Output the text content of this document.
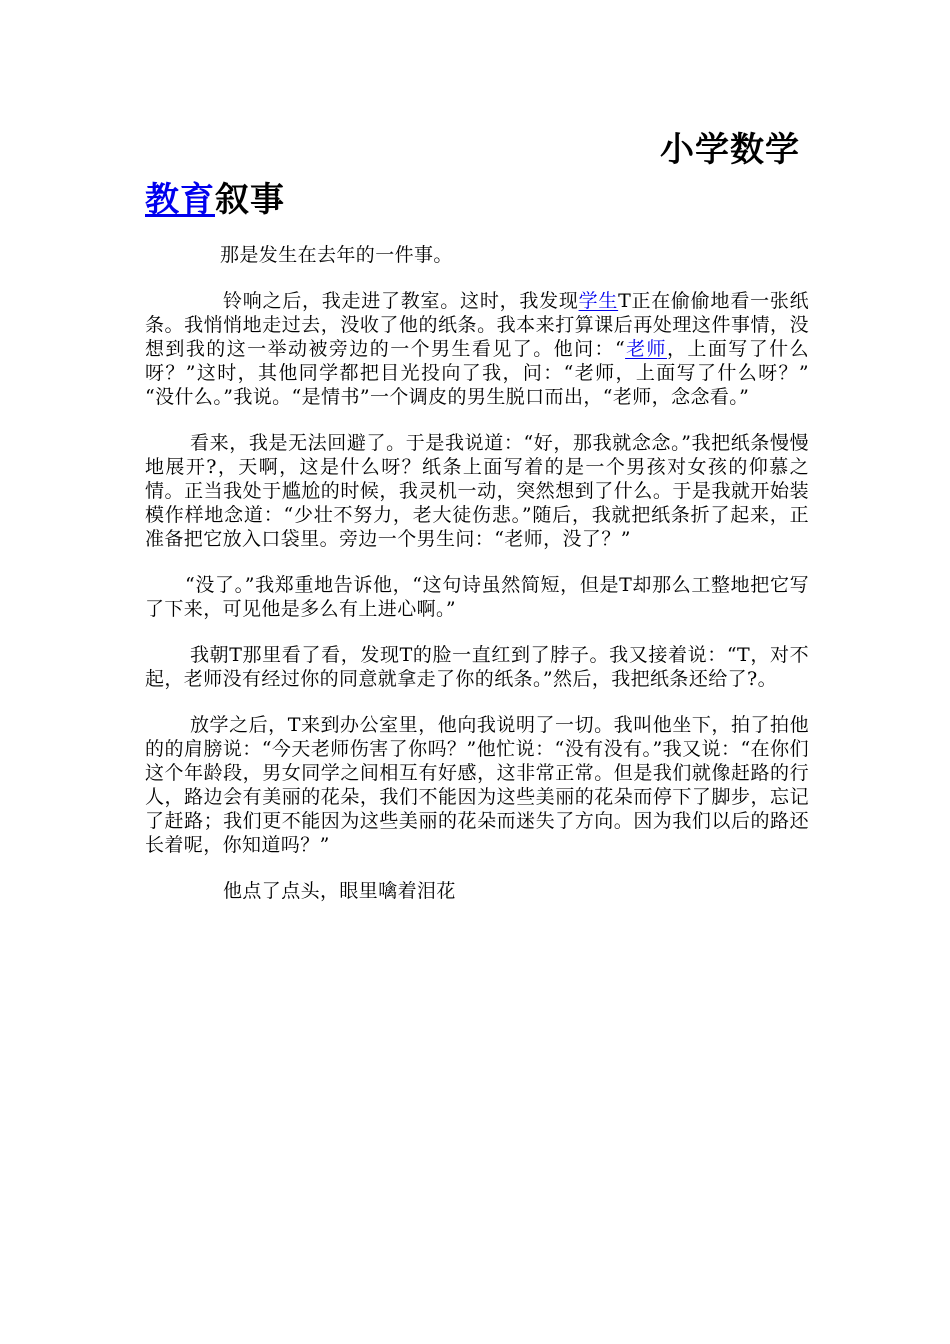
小学数学
教育叙事

那是发生在去年的一件事。

铃响之后，我走进了教室。这时，我发现学生T正在偷偷地看一张纸条。我悄悄地走过去，没收了他的纸条。我本来打算课后再处理这件事情，没想到我的这一举动被旁边的一个男生看见了。他问：“老师，上面写了什么呀？”这时，其他同学都把目光投向了我，问：“老师，上面写了什么呀？” “没什么。”我说。“是情书”一个调皮的男生脱口而出，“老师，念念看。”

看来，我是无法回避了。于是我说道：“好，那我就念念。”我把纸条慢慢地展开?，天啊，这是什么呀？纸条上面写着的是一个男孩对女孩的仰慕之情。正当我处于尴尬的时候，我灵机一动，突然想到了什么。于是我就开始装模作样地念道：“少壮不努力，老大徒伤悲。”随后，我就把纸条折了起来，正准备把它放入口袋里。旁边一个男生问：“老师，没了？”

“没了。”我郑重地告诉他，“这句诗虽然简短，但是T却那么工整地把它写了下来，可见他是多么有上进心啊。”

我朝T那里看了看，发现T的脸一直红到了脖子。我又接着说：“T，对不起，老师没有经过你的同意就拿走了你的纸条。”然后，我把纸条还给了?。

放学之后，T来到办公室里，他向我说明了一切。我叫他坐下，拍了拍他的的肩膀说：“今天老师伤害了你吗？”他忙说：“没有没有。”我又说：“在你们这个年龄段，男女同学之间相互有好感，这非常正常。但是我们就像赶路的行人，路边会有美丽的花朵，我们不能因为这些美丽的花朵而停下了脚步，忘记了赶路；我们更不能因为这些美丽的花朵而迷失了方向。因为我们以后的路还长着呢，你知道吗？”

他点了点头，眼里噙着泪花
